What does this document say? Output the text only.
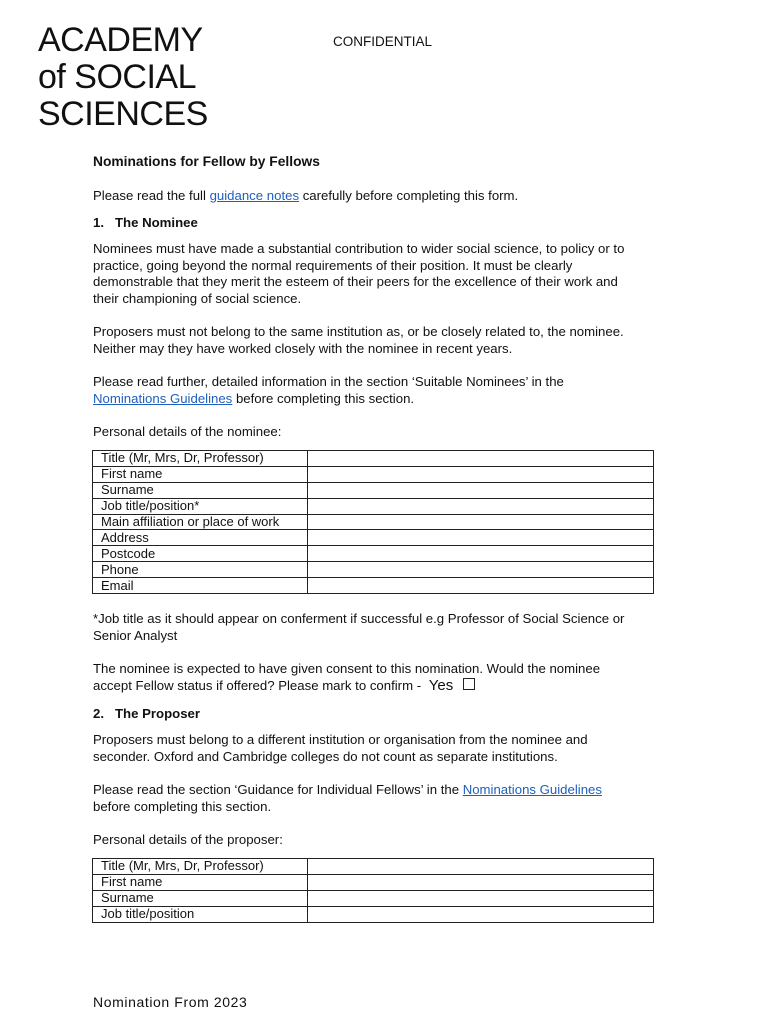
ACADEMY
of SOCIAL
SCIENCES
CONFIDENTIAL
Nominations for Fellow by Fellows
Please read the full guidance notes carefully before completing this form.
1.   The Nominee
Nominees must have made a substantial contribution to wider social science, to policy or to
practice, going beyond the normal requirements of their position. It must be clearly
demonstrable that they merit the esteem of their peers for the excellence of their work and
their championing of social science.
Proposers must not belong to the same institution as, or be closely related to, the nominee.
Neither may they have worked closely with the nominee in recent years.
Please read further, detailed information in the section ‘Suitable Nominees’ in the
Nominations Guidelines before completing this section.
Personal details of the nominee:
Title (Mr, Mrs, Dr, Professor)	
First name	
Surname	
Job title/position*	
Main affiliation or place of work	
Address	
Postcode	
Phone	
Email	
*Job title as it should appear on conferment if successful e.g Professor of Social Science or
Senior Analyst
The nominee is expected to have given consent to this nomination. Would the nominee
accept Fellow status if offered? Please mark to confirm - Yes
2.   The Proposer
Proposers must belong to a different institution or organisation from the nominee and
seconder. Oxford and Cambridge colleges do not count as separate institutions.
Please read the section ‘Guidance for Individual Fellows’ in the Nominations Guidelines
before completing this section.
Personal details of the proposer:
Title (Mr, Mrs, Dr, Professor)	
First name	
Surname	
Job title/position	
Nomination From 2023
